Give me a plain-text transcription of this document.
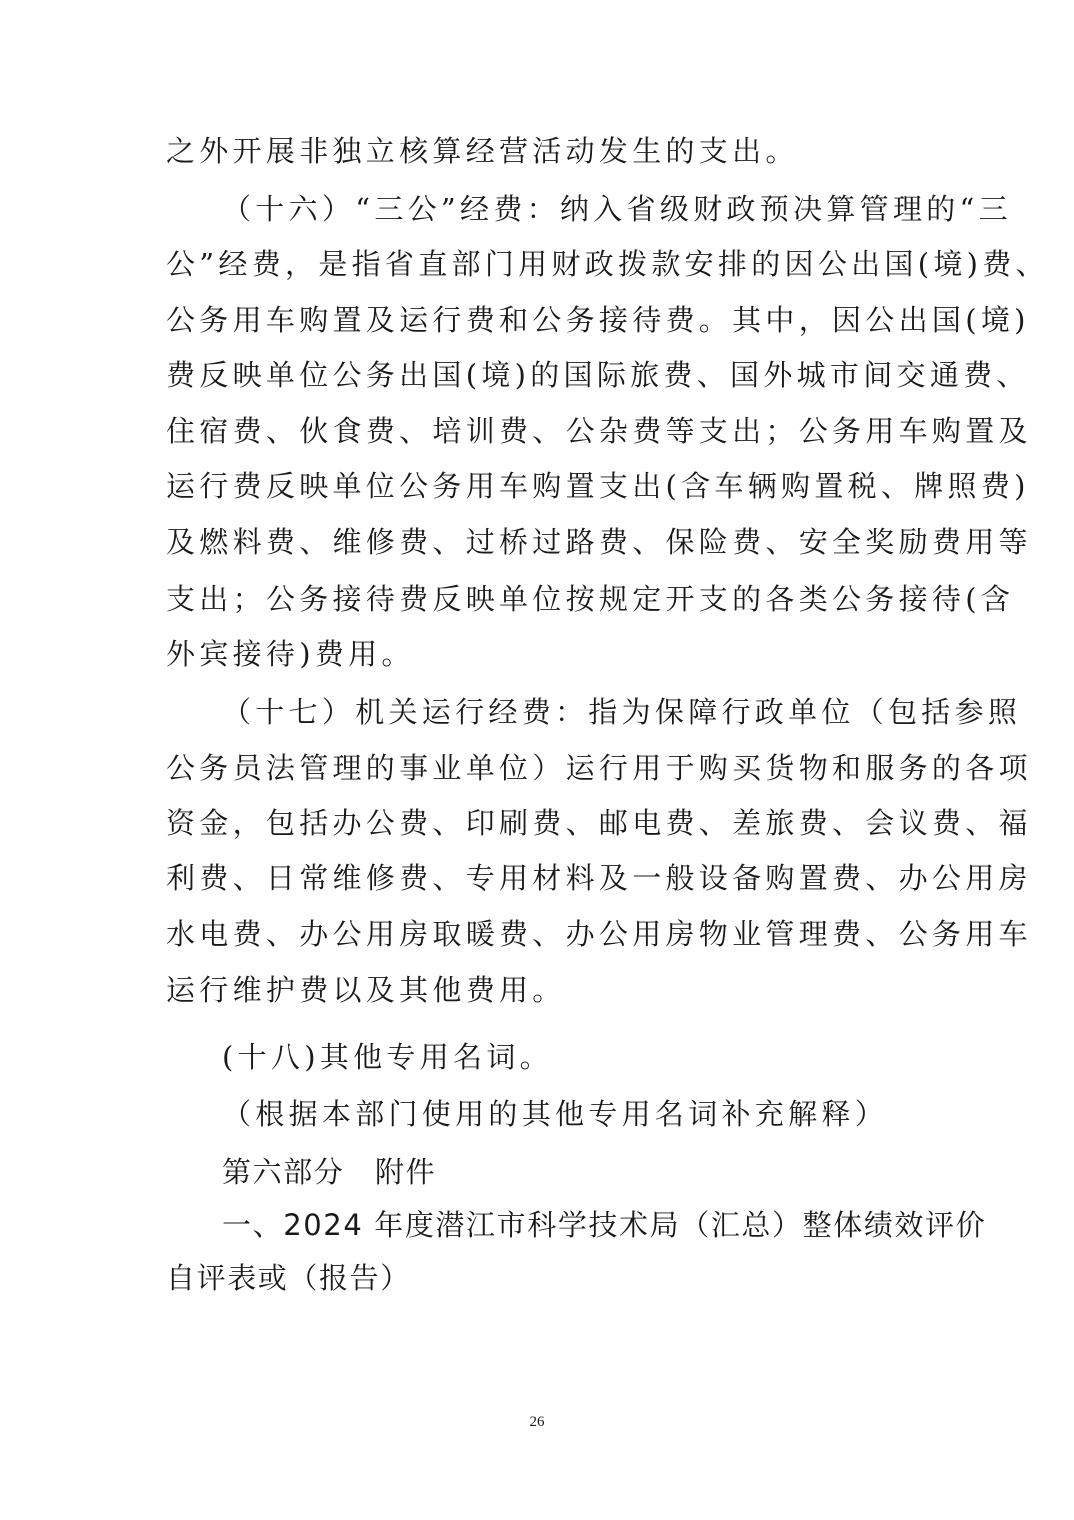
之外开展非独立核算经营活动发生的支出。
（十六）“三公”经费：纳入省级财政预决算管理的“三
公”经费，是指省直部门用财政拨款安排的因公出国(境)费、
公务用车购置及运行费和公务接待费。其中，因公出国(境)
费反映单位公务出国(境)的国际旅费、国外城市间交通费、
住宿费、伙食费、培训费、公杂费等支出；公务用车购置及
运行费反映单位公务用车购置支出(含车辆购置税、牌照费)
及燃料费、维修费、过桥过路费、保险费、安全奖励费用等
支出；公务接待费反映单位按规定开支的各类公务接待(含
外宾接待)费用。
（十七）机关运行经费：指为保障行政单位（包括参照
公务员法管理的事业单位）运行用于购买货物和服务的各项
资金，包括办公费、印刷费、邮电费、差旅费、会议费、福
利费、日常维修费、专用材料及一般设备购置费、办公用房
水电费、办公用房取暖费、办公用房物业管理费、公务用车
运行维护费以及其他费用。
(十八)其他专用名词。
（根据本部门使用的其他专用名词补充解释）
第六部分　附件
一、2024 年度潜江市科学技术局（汇总）整体绩效评价
自评表或（报告）
26
